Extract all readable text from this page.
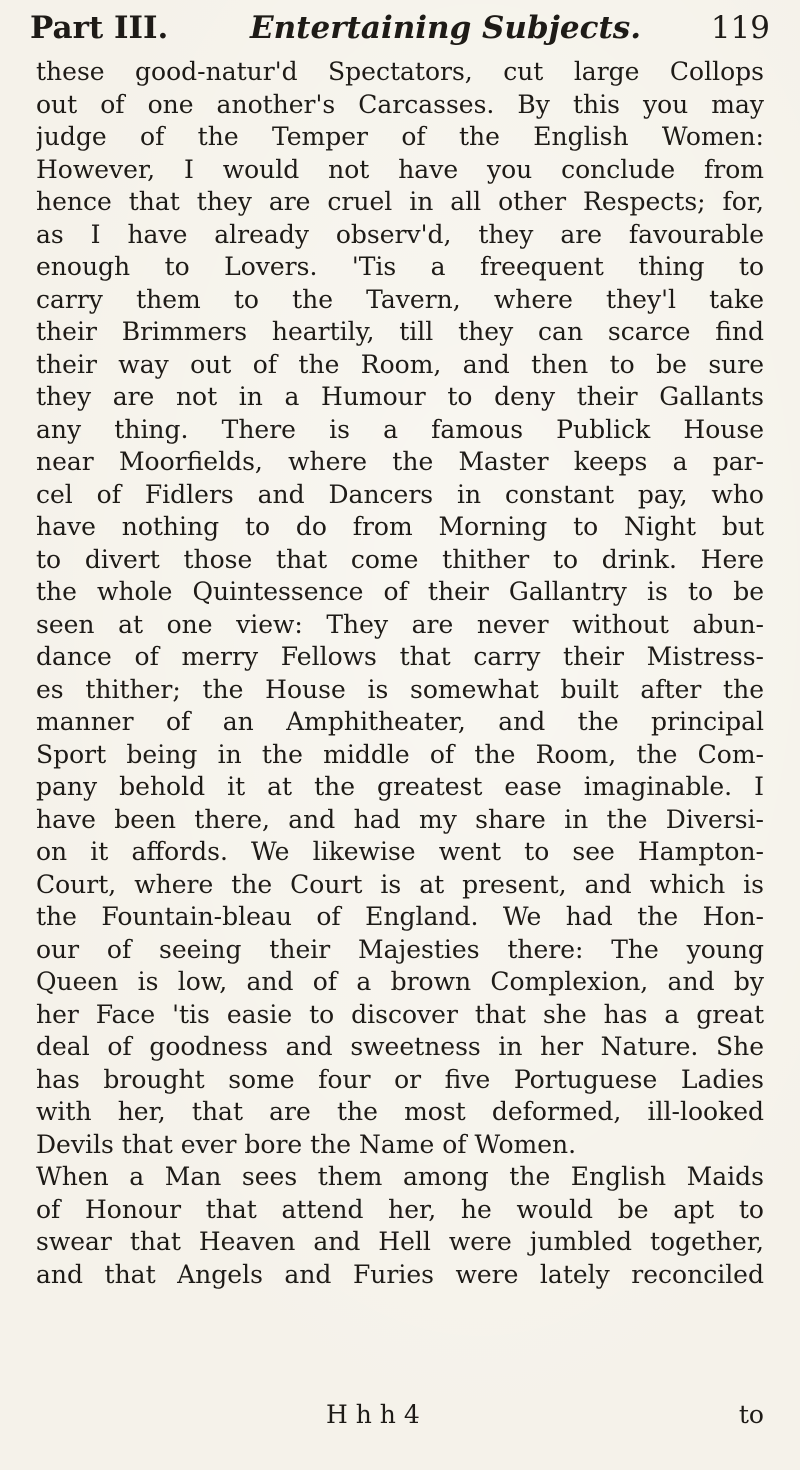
Part III.	Entertaining Subjects. 119
these good-natur'd Spectators, cut large Collops
out of one another's Carcasses. By this you may
judge of the Temper of the English Women:
However, I would not have you conclude from
hence that they are cruel in all other Respects; for,
as I have already observ'd, they are favourable
enough to Lovers. 'Tis a freequent thing to
carry them to the Tavern, where they'l take
their Brimmers heartily, till they can scarce find
their way out of the Room, and then to be sure
they are not in a Humour to deny their Gallants
any thing. There is a famous Publick House
near Moorfields, where the Master keeps a par-
cel of Fidlers and Dancers in constant pay, who
have nothing to do from Morning to Night but
to divert those that come thither to drink. Here
the whole Quintessence of their Gallantry is to be
seen at one view: They are never without abun-
dance of merry Fellows that carry their Mistress-
es thither; the House is somewhat built after the
manner of an Amphitheater, and the principal
Sport being in the middle of the Room, the Com-
pany behold it at the greatest ease imaginable. I
have been there, and had my share in the Diversi-
on it affords. We likewise went to see Hampton-
Court, where the Court is at present, and which is
the Fountain-bleau of England. We had the Hon-
our of seeing their Majesties there: The young
Queen is low, and of a brown Complexion, and by
her Face 'tis easie to discover that she has a great
deal of goodness and sweetness in her Nature. She
has brought some four or five Portuguese Ladies
with her, that are the most deformed, ill-looked
Devils that ever bore the Name of Women.
When a Man sees them among the English Maids
of Honour that attend her, he would be apt to
swear that Heaven and Hell were jumbled together,
and that Angels and Furies were lately reconciled
H h h 4	to
